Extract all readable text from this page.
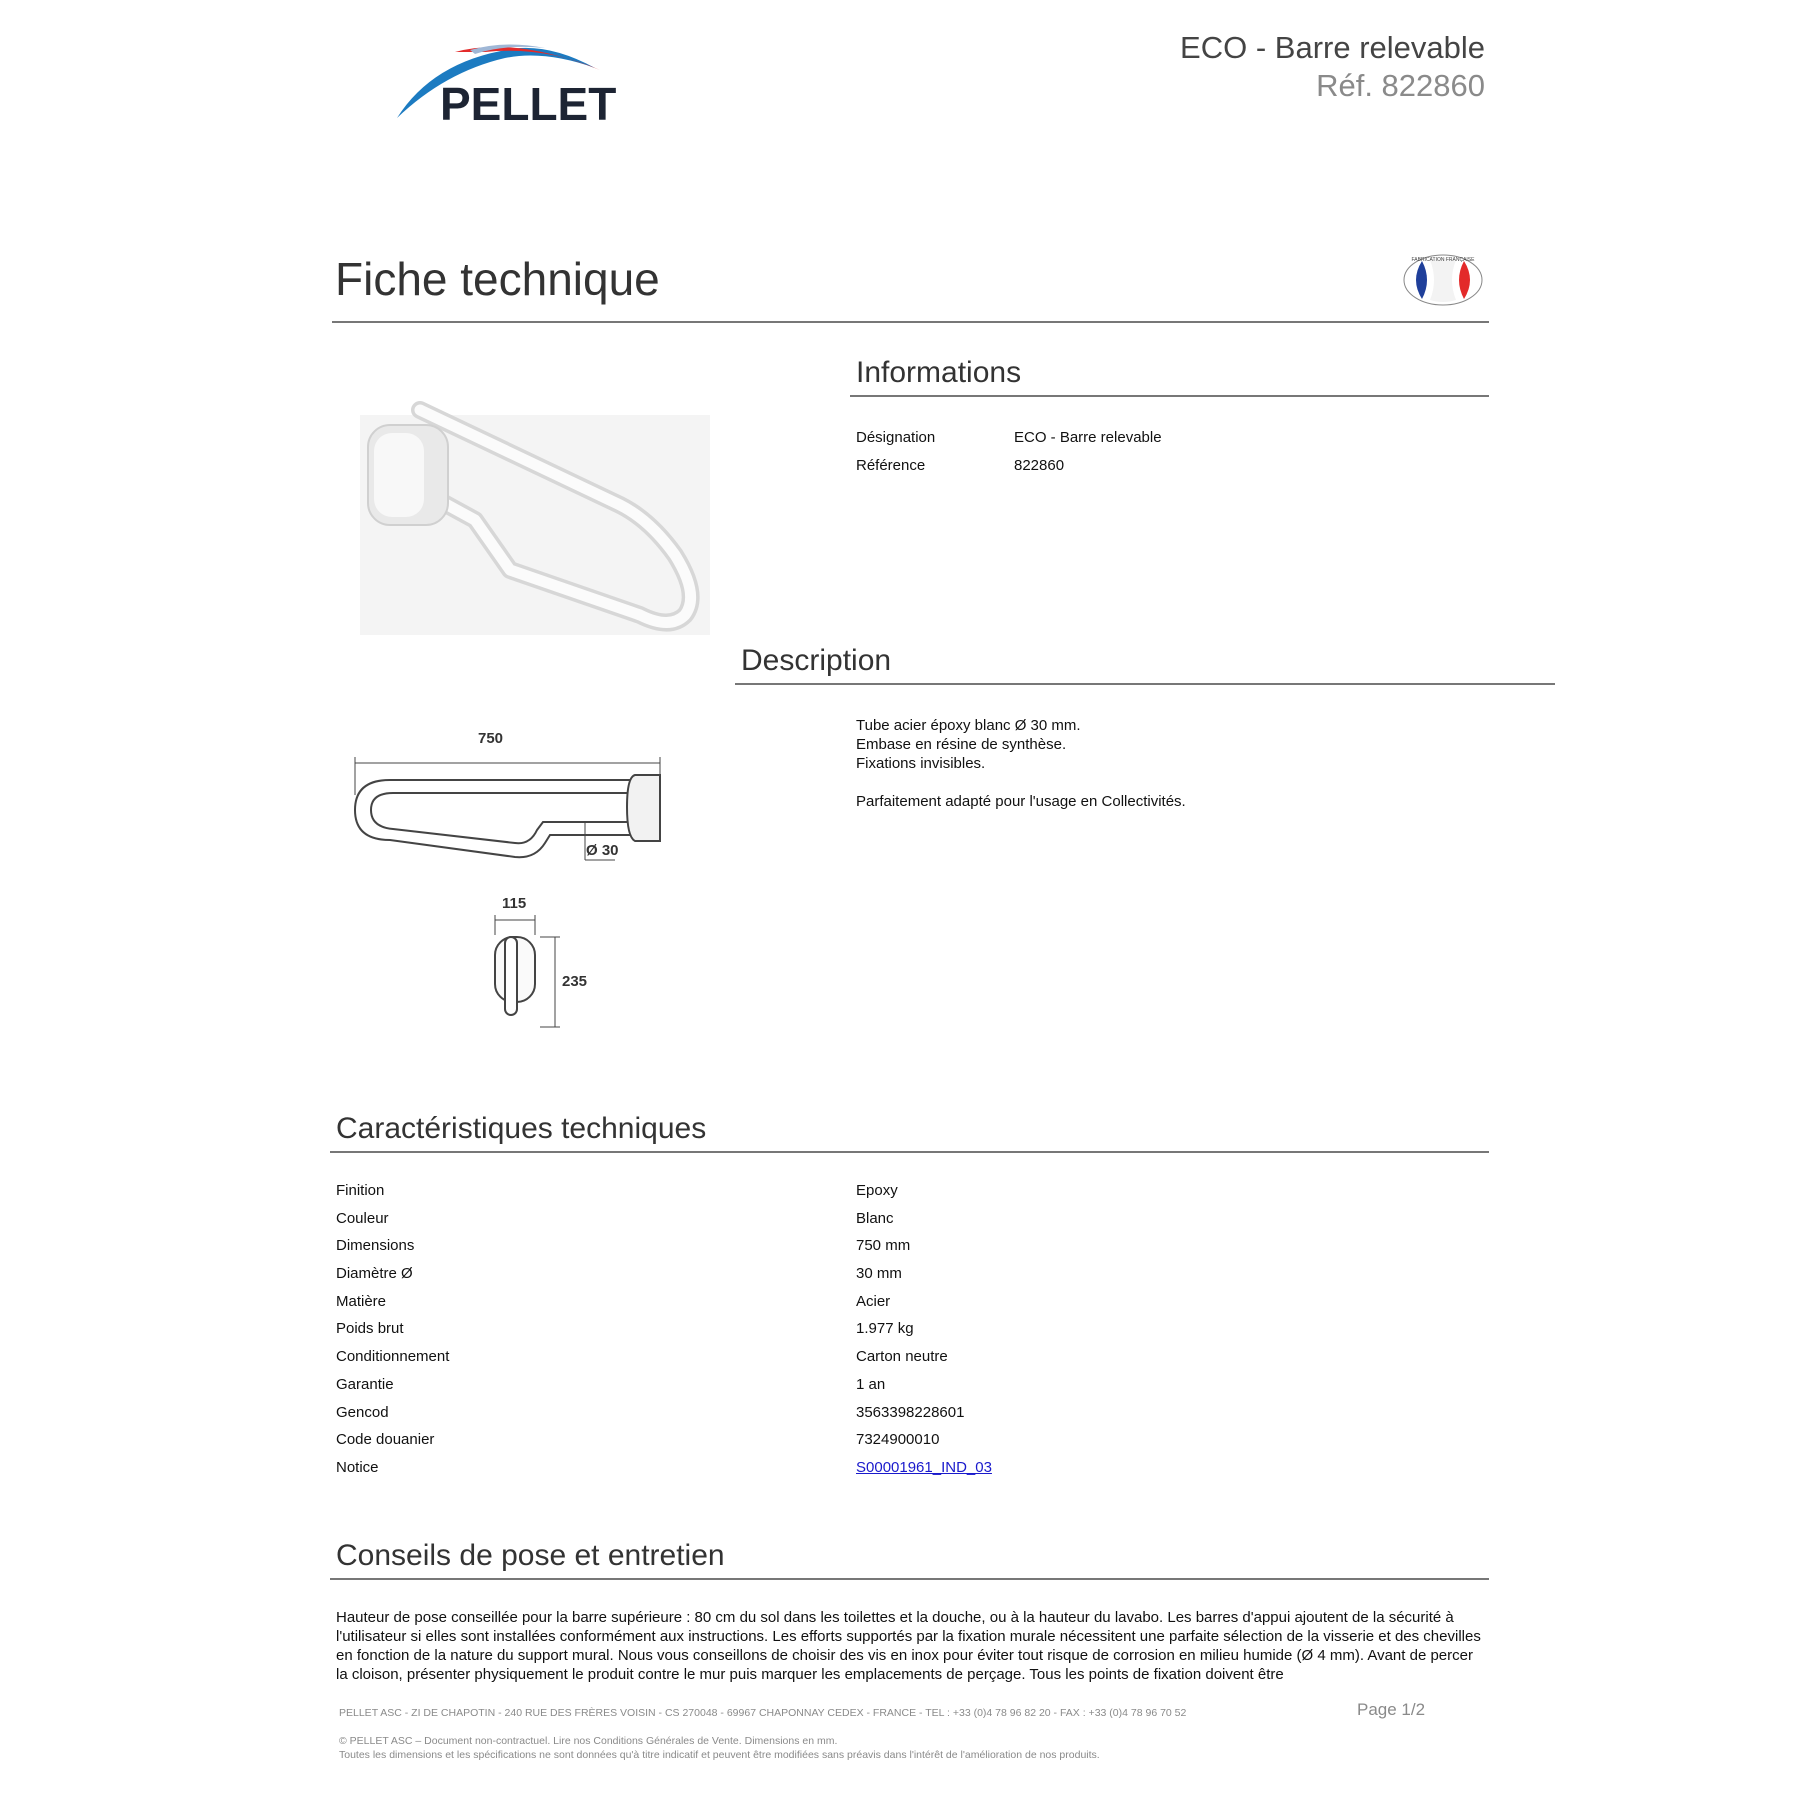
PELLET
ECO - Barre relevable
Réf. 822860
Fiche technique	FABRICATION FRANÇAISE
750
Ø 30
115
235
Informations
Désignation	ECO - Barre relevable
Référence	822860
Description

Tube acier époxy blanc Ø 30 mm.

Embase en résine de synthèse.

Fixations invisibles.

Parfaitement adapté pour l'usage en Collectivités.

Caractéristiques techniques
Finition	Epoxy
Couleur	Blanc
Dimensions	750 mm
Diamètre Ø	30 mm
Matière	Acier
Poids brut	1.977 kg
Conditionnement	Carton neutre
Garantie	1 an
Gencod	3563398228601
Code douanier	7324900010
Notice	S00001961_IND_03
Conseils de pose et entretien
Hauteur de pose conseillée pour la barre supérieure : 80 cm du sol dans les toilettes et la douche, ou à la hauteur du lavabo. Les barres d'appui ajoutent de la sécurité à l'utilisateur si elles sont installées conformément aux instructions. Les efforts supportés par la fixation murale nécessitent une parfaite sélection de la visserie et des chevilles en fonction de la nature du support mural. Nous vous conseillons de choisir des vis en inox pour éviter tout risque de corrosion en milieu humide (Ø 4 mm). Avant de percer la cloison, présenter physiquement le produit contre le mur puis marquer les emplacements de perçage. Tous les points de fixation doivent être
PELLET ASC - ZI DE CHAPOTIN - 240 RUE DES FRÈRES VOISIN - CS 270048 - 69967 CHAPONNAY CEDEX - FRANCE - TEL : +33 (0)4 78 96 82 20 - FAX : +33 (0)4 78 96 70 52	Page 1/2
© PELLET ASC – Document non-contractuel. Lire nos Conditions Générales de Vente. Dimensions en mm.
Toutes les dimensions et les spécifications ne sont données qu'à titre indicatif et peuvent être modifiées sans préavis dans l'intérêt de l'amélioration de nos produits.
